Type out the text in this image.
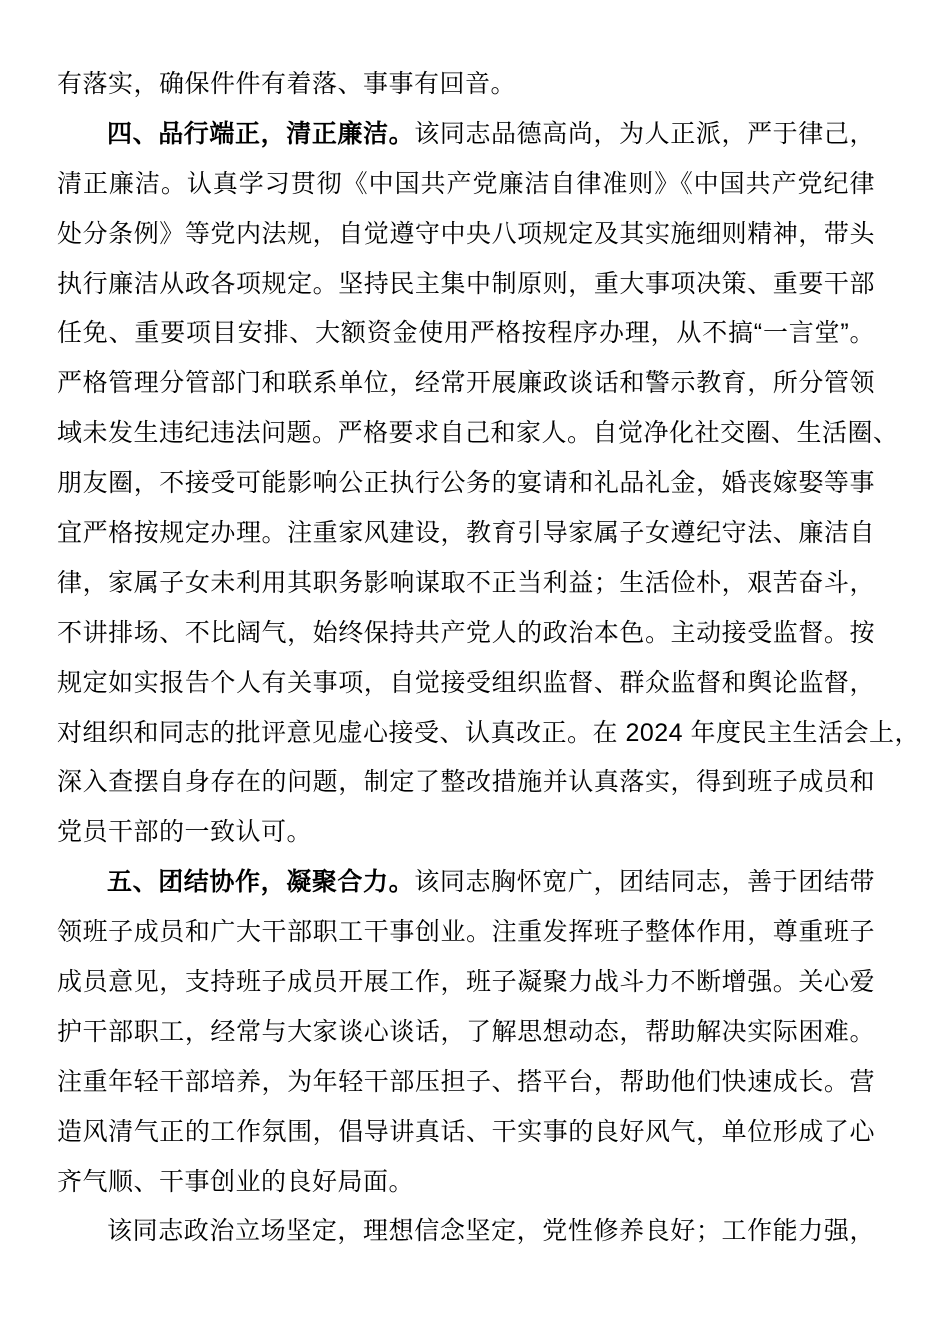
有落实，确保件件有着落、事事有回音。
四、品行端正，清正廉洁。该同志品德高尚，为人正派，严于律己，
清正廉洁。认真学习贯彻《中国共产党廉洁自律准则》《中国共产党纪律
处分条例》等党内法规，自觉遵守中央八项规定及其实施细则精神，带头
执行廉洁从政各项规定。坚持民主集中制原则，重大事项决策、重要干部
任免、重要项目安排、大额资金使用严格按程序办理，从不搞“一言堂”。
严格管理分管部门和联系单位，经常开展廉政谈话和警示教育，所分管领
域未发生违纪违法问题。严格要求自己和家人。自觉净化社交圈、生活圈、
朋友圈，不接受可能影响公正执行公务的宴请和礼品礼金，婚丧嫁娶等事
宜严格按规定办理。注重家风建设，教育引导家属子女遵纪守法、廉洁自
律，家属子女未利用其职务影响谋取不正当利益；生活俭朴，艰苦奋斗，
不讲排场、不比阔气，始终保持共产党人的政治本色。主动接受监督。按
规定如实报告个人有关事项，自觉接受组织监督、群众监督和舆论监督，
对组织和同志的批评意见虚心接受、认真改正。在 2024 年度民主生活会上，
深入查摆自身存在的问题，制定了整改措施并认真落实，得到班子成员和
党员干部的一致认可。
五、团结协作，凝聚合力。该同志胸怀宽广，团结同志，善于团结带
领班子成员和广大干部职工干事创业。注重发挥班子整体作用，尊重班子
成员意见，支持班子成员开展工作，班子凝聚力战斗力不断增强。关心爱
护干部职工，经常与大家谈心谈话，了解思想动态，帮助解决实际困难。
注重年轻干部培养，为年轻干部压担子、搭平台，帮助他们快速成长。营
造风清气正的工作氛围，倡导讲真话、干实事的良好风气，单位形成了心
齐气顺、干事创业的良好局面。
该同志政治立场坚定，理想信念坚定，党性修养良好；工作能力强，
